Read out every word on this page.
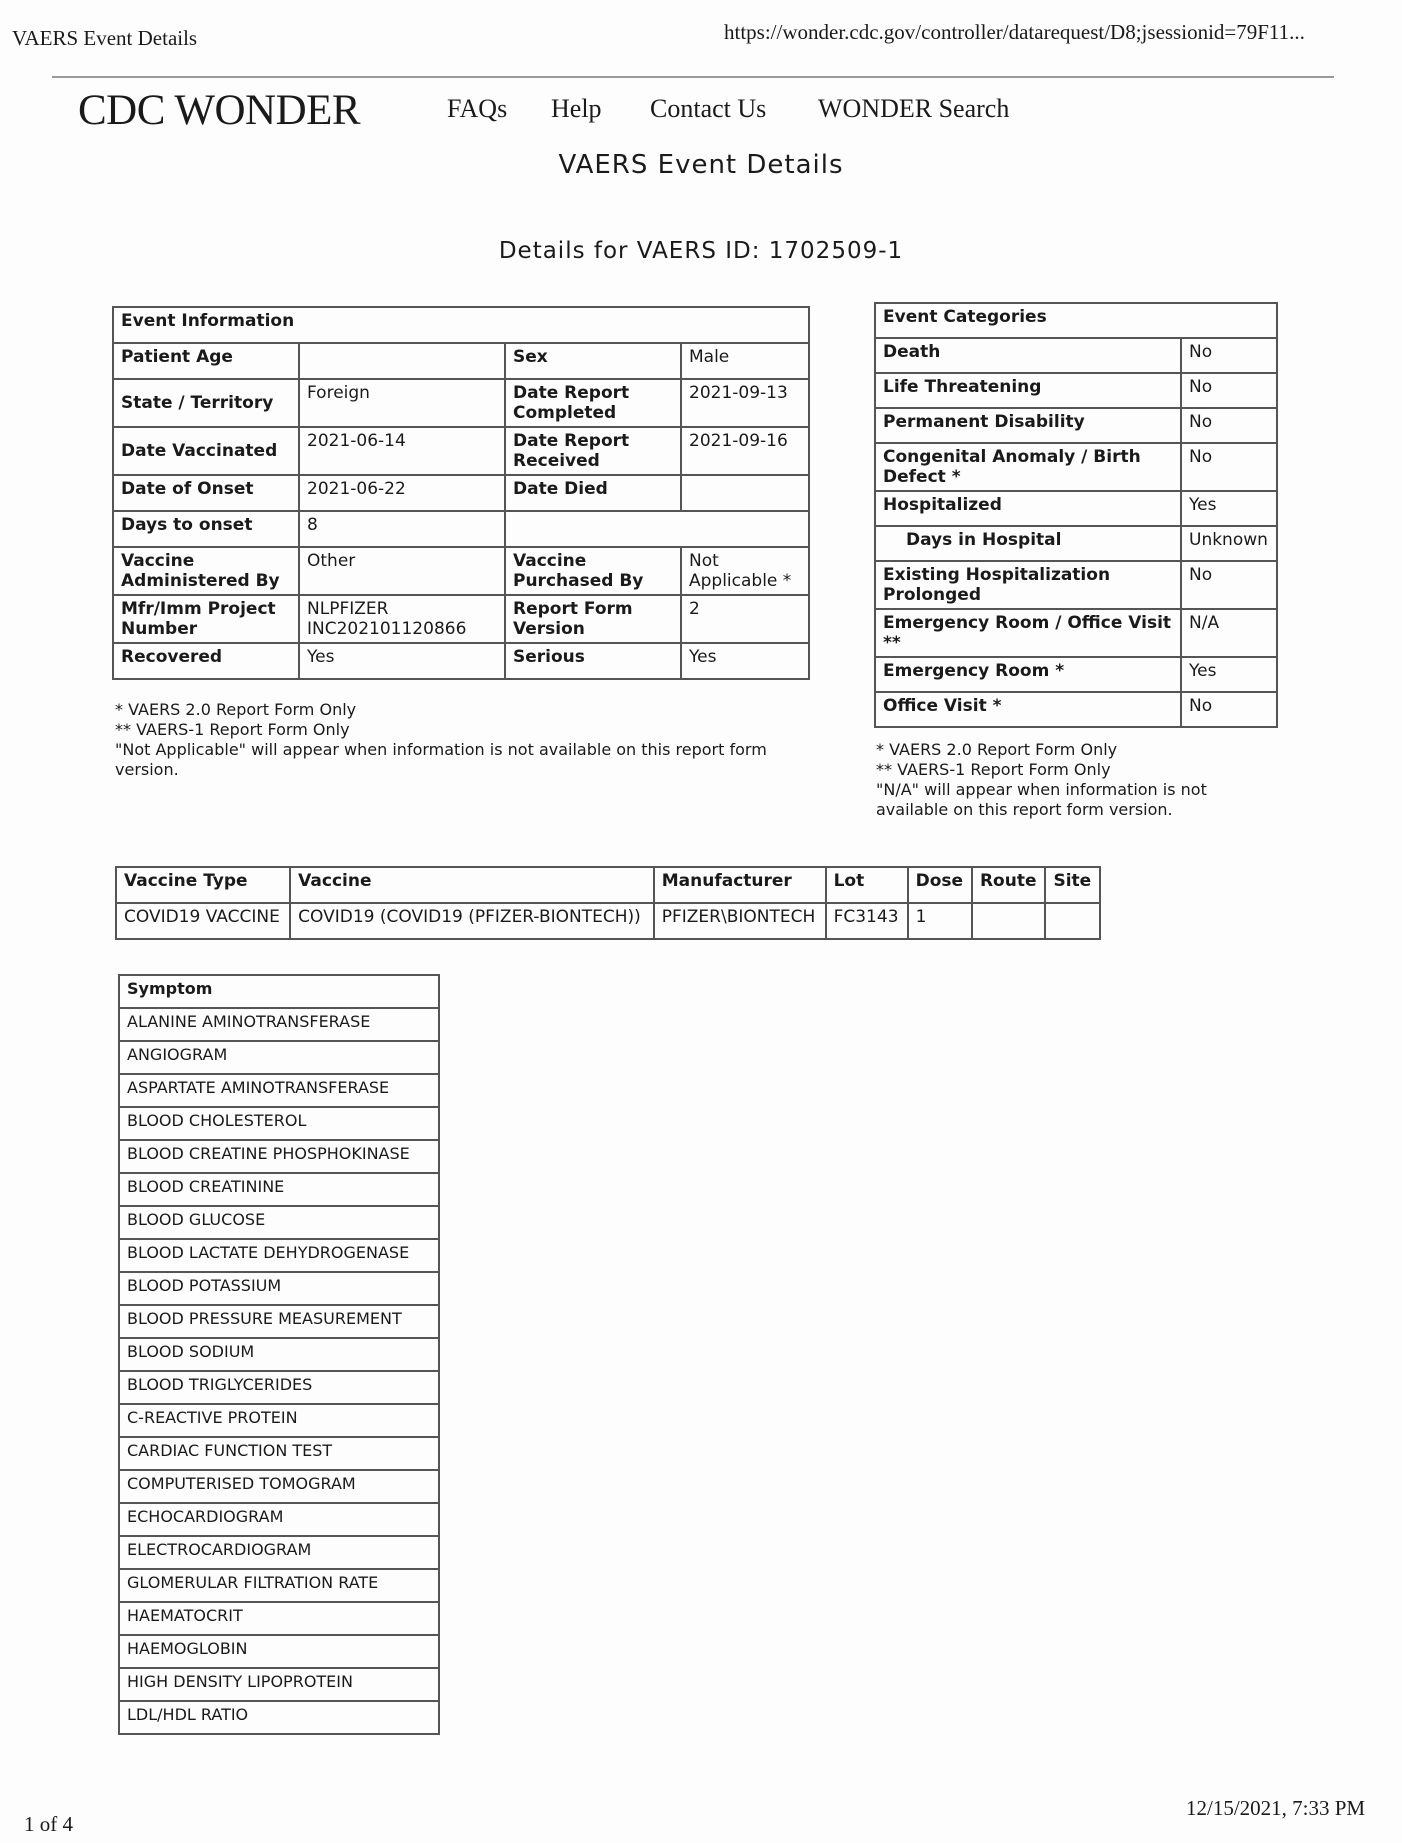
VAERS Event Details	https://wonder.cdc.gov/controller/datarequest/D8;jsessionid=79F11...
CDC WONDER	FAQs Help Contact Us WONDER Search
VAERS Event Details
Details for VAERS ID: 1702509-1
Event Information			
Patient Age		Sex	Male
State / Territory	Foreign	Date Report Completed	2021-09-13
Date Vaccinated	2021-06-14	Date Report Received	2021-09-16
Date of Onset	2021-06-22	Date Died	
Days to onset	8		
Vaccine Administered By	Other	Vaccine Purchased By	Not Applicable *
Mfr/Imm Project Number	NLPFIZER INC202101120866	Report Form Version	2
Recovered	Yes	Serious	Yes
* VAERS 2.0 Report Form Only
** VAERS-1 Report Form Only
"Not Applicable" will appear when information is not available on this report form version.
Event Categories	
Death	No
Life Threatening	No
Permanent Disability	No
Congenital Anomaly / Birth Defect *	No
Hospitalized	Yes
Days in Hospital	Unknown
Existing Hospitalization Prolonged	No
Emergency Room / Office Visit **	N/A
Emergency Room *	Yes
Office Visit *	No
* VAERS 2.0 Report Form Only
** VAERS-1 Report Form Only
"N/A" will appear when information is not available on this report form version.
Vaccine Type	Vaccine	Manufacturer	Lot	Dose	Route	Site
COVID19 VACCINE	COVID19 (COVID19 (PFIZER-BIONTECH))	PFIZER\BIONTECH	FC3143	1		
Symptom
ALANINE AMINOTRANSFERASE
ANGIOGRAM
ASPARTATE AMINOTRANSFERASE
BLOOD CHOLESTEROL
BLOOD CREATINE PHOSPHOKINASE
BLOOD CREATININE
BLOOD GLUCOSE
BLOOD LACTATE DEHYDROGENASE
BLOOD POTASSIUM
BLOOD PRESSURE MEASUREMENT
BLOOD SODIUM
BLOOD TRIGLYCERIDES
C-REACTIVE PROTEIN
CARDIAC FUNCTION TEST
COMPUTERISED TOMOGRAM
ECHOCARDIOGRAM
ELECTROCARDIOGRAM
GLOMERULAR FILTRATION RATE
HAEMATOCRIT
HAEMOGLOBIN
HIGH DENSITY LIPOPROTEIN
LDL/HDL RATIO
1 of 4
12/15/2021, 7:33 PM
